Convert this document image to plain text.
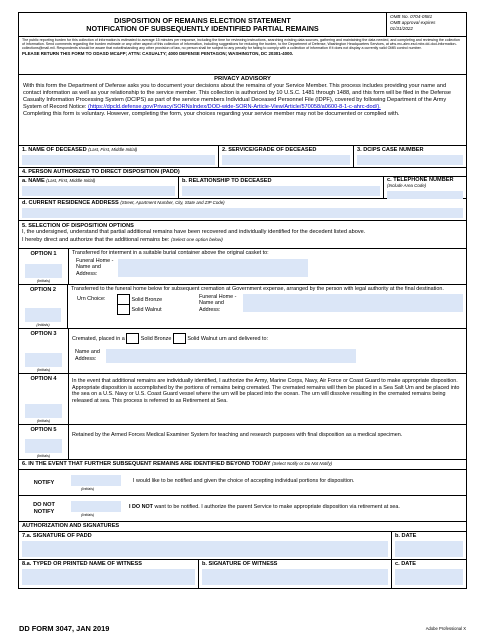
DISPOSITION OF REMAINS ELECTION STATEMENT
NOTIFICATION OF SUBSEQUENTLY IDENTIFIED PARTIAL REMAINS
OMB No. 0704-0581
OMB approval expires
01/31/2022
The public reporting burden for this collection of information is estimated to average 15 minutes per response, including the time for reviewing instructions, searching existing data sources, gathering and maintaining the data needed, and completing and reviewing the collection of information. Send comments regarding the burden estimate or any other aspect of this collection of information, including suggestions for reducing the burden, to the Department of Defense, Washington Headquarters Services, at whs.mc-alex.esd.mbx.dd-dod-information-collections@mail.mil. Respondents should be aware that notwithstanding any other provision of law, no person shall be subject to any penalty for failing to comply with a collection of information if it does not display a currently valid OMB control number.
PLEASE RETURN THIS FORM TO ODASD MC&FP; ATTN: CASUALTY; 4000 DEFENSE PENTAGON; WASHINGTON, DC 20301-4000.
PRIVACY ADVISORY
With this form the Department of Defense asks you to document your decisions about the remains of your Service Member. This process includes providing your name and contact information as well as your relationship to the service member. This collection is authorized by 10 U.S.C. 1481 through 1488, and this form will be filed in the Defense Casualty Information Processing System (DCIPS) as part of the service members Individual Deceased Personnel File (IDPF), covered by following Department of the Army System of Record Notice: (https://dpcld.defense.gov/Privacy/SORNsIndex/DOD-wide-SORN-Article-View/Article/570058/a0600-8-1-c-ahrc-dod/).
Completing this form is voluntary. However, completing the form, your choices regarding your service member may not be documented or complied with.
1. NAME OF DECEASED (Last, First, Middle Initial)	2. SERVICE/GRADE OF DECEASED	3. DCIPS CASE NUMBER
4. PERSON AUTHORIZED TO DIRECT DISPOSITION (PADD)
a. NAME (Last, First, Middle Initial)	b. RELATIONSHIP TO DECEASED	c. TELEPHONE NUMBER (Include Area Code)
d. CURRENT RESIDENCE ADDRESS (Street, Apartment Number, City, State and ZIP Code)
5. SELECTION OF DISPOSITION OPTIONS
I, the undersigned, understand that partial additional remains have been recovered and individually identified for the decedent listed above.
I hereby direct and authorize that the additional remains be: (Select one option below)
OPTION 1
(Initials)
Transferred for interment in a suitable burial container above the original casket to:
Funeral Home -
Name and
Address:
OPTION 2
(Initials)
Transferred to the funeral home below for subsequent cremation at Government expense, arranged by the person with legal authority at the final destination.
Urn Choice:	Solid Bronze
Solid Walnut
Funeral Home -
Name and
Address:
OPTION 3
(Initials)
Cremated, placed in a	Solid Bronze	Solid Walnut urn and delivered to:
Name and
Address:
OPTION 4
(Initials)
In the event that additional remains are individually identified, I authorize the Army, Marine Corps, Navy, Air Force or Coast Guard to make appropriate disposition. Appropriate disposition is accomplished by the portions of remains being cremated. The cremated remains will then be placed in a Sea Salt Urn and be placed into the sea on a U.S. Navy or U.S. Coast Guard vessel where the urn will be placed into the ocean. The urn will dissolve resulting in the cremated remains being released at sea. This process is referred to as Retirement at Sea.
OPTION 5
(Initials)
Retained by the Armed Forces Medical Examiner System for teaching and research purposes with final disposition as a medical specimen.
6. IN THE EVENT THAT FURTHER SUBSEQUENT REMAINS ARE IDENTIFIED BEYOND TODAY (Select Notify or Do Not Notify)
NOTIFY
(Initials)
I would like to be notified and given the choice of accepting individual portions for disposition.
DO NOT
NOTIFY
(Initials)
I DO NOT want to be notified. I authorize the parent Service to make appropriate disposition via retirement at sea.
AUTHORIZATION AND SIGNATURES
7.a. SIGNATURE OF PADD	b. DATE
8.a. TYPED OR PRINTED NAME OF WITNESS	b. SIGNATURE OF WITNESS	c. DATE
DD FORM 3047, JAN 2019	Adobe Professional X
